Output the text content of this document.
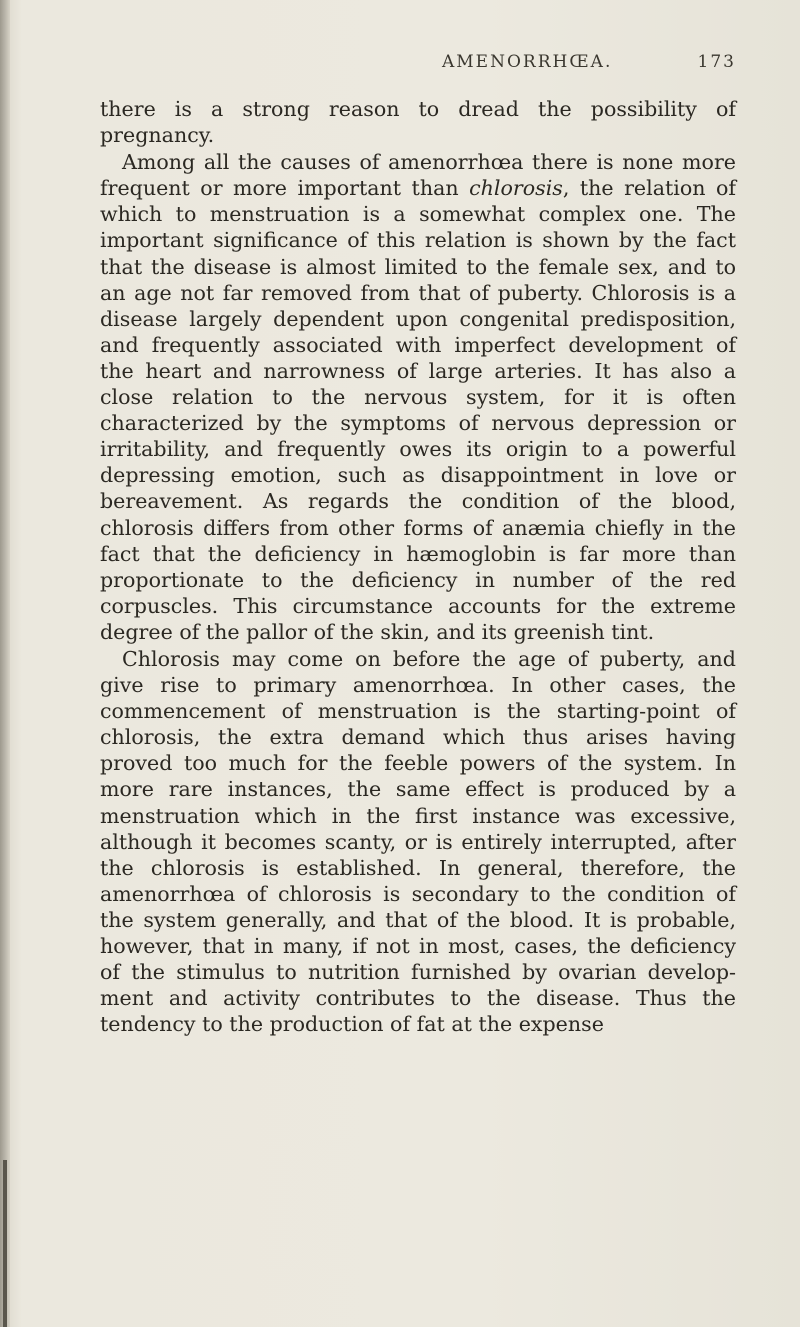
AMENORRHŒA.	173

there is a strong reason to dread the possibility of pregnancy.

Among all the causes of amenorrhœa there is none more frequent or more important than chlorosis, the relation of which to menstruation is a somewhat complex one. The important significance of this relation is shown by the fact that the disease is almost limited to the female sex, and to an age not far removed from that of puberty. Chlorosis is a disease largely dependent upon congenital predisposition, and frequently associated with imperfect development of the heart and narrowness of large arteries. It has also a close relation to the nervous system, for it is often characterized by the symptoms of nervous depression or irritability, and frequently owes its origin to a powerful depressing emotion, such as disappointment in love or bereavement. As regards the condition of the blood, chlorosis differs from other forms of anæmia chiefly in the fact that the deficiency in hæmoglobin is far more than proportionate to the deficiency in number of the red corpuscles. This circumstance accounts for the extreme degree of the pallor of the skin, and its greenish tint.

Chlorosis may come on before the age of puberty, and give rise to primary amenorrhœa. In other cases, the commencement of menstruation is the starting-point of chlorosis, the extra demand which thus arises having proved too much for the feeble powers of the system. In more rare instances, the same effect is produced by a menstruation which in the first instance was excessive, although it becomes scanty, or is entirely interrupted, after the chlorosis is established. In general, therefore, the amenorrhœa of chlorosis is secondary to the condition of the system generally, and that of the blood. It is probable, however, that in many, if not in most, cases, the deficiency of the stimulus to nutrition furnished by ovarian development and activity contributes to the disease. Thus the tendency to the production of fat at the expense
